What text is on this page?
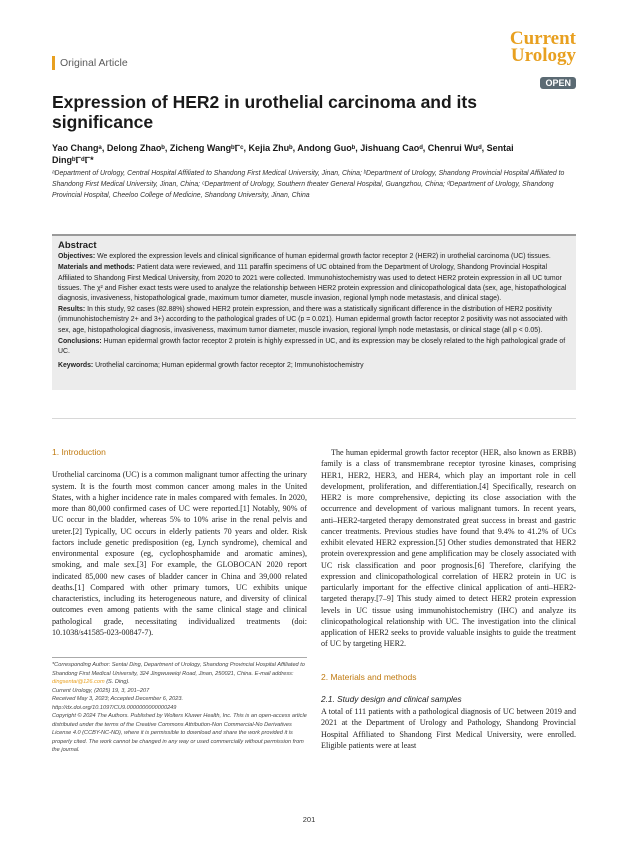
Original Article
Current
Urology
OPEN
Expression of HER2 in urothelial carcinoma and its significance
Yao Changᵃ, Delong Zhaoᵇ, Zicheng WangᵇⲄᶜ, Kejia Zhuᵇ, Andong Guoᵇ, Jishuang Caoᵈ, Chenrui Wuᵈ, Sentai DingᵇⲄᵈⲄ*
ᵃDepartment of Urology, Central Hospital Affiliated to Shandong First Medical University, Jinan, China; ᵇDepartment of Urology, Shandong Provincial Hospital Affiliated to Shandong First Medical University, Jinan, China; ᶜDepartment of Urology, Southern theater General Hospital, Guangzhou, China; ᵈDepartment of Urology, Shandong Provincial Hospital, Cheeloo College of Medicine, Shandong University, Jinan, China
Abstract

Objectives: We explored the expression levels and clinical significance of human epidermal growth factor receptor 2 (HER2) in urothelial carcinoma (UC) tissues.

Materials and methods: Patient data were reviewed, and 111 paraffin specimens of UC obtained from the Department of Urology, Shandong Provincial Hospital Affiliated to Shandong First Medical University, from 2020 to 2021 were collected. Immunohistochemistry was used to detect HER2 protein expression in all UC tumor tissues. The χ² and Fisher exact tests were used to analyze the relationship between HER2 protein expression and clinicopathological data (sex, age, histopathological diagnosis, invasiveness, histopathological grade, maximum tumor diameter, muscle invasion, regional lymph node metastasis, and clinical stage).

Results: In this study, 92 cases (82.88%) showed HER2 protein expression, and there was a statistically significant difference in the distribution of HER2 positivity (immunohistochemistry 2+ and 3+) according to the pathological grades of UC (p = 0.021). Human epidermal growth factor receptor 2 positivity was not associated with sex, age, histopathological diagnosis, invasiveness, maximum tumor diameter, muscle invasion, regional lymph node metastasis, or clinical stage (all p < 0.05).

Conclusions: Human epidermal growth factor receptor 2 protein is highly expressed in UC, and its expression may be closely related to the high pathological grade of UC.

Keywords: Urothelial carcinoma; Human epidermal growth factor receptor 2; Immunohistochemistry

1. Introduction

Urothelial carcinoma (UC) is a common malignant tumor affecting the urinary system. It is the fourth most common cancer among males in the United States, with a higher incidence rate in males compared with females. In 2020, more than 80,000 confirmed cases of UC were reported.[1] Notably, 90% of UC occur in the bladder, whereas 5% to 10% arise in the renal pelvis and ureter.[2] Typically, UC occurs in elderly patients 70 years and older. Risk factors include genetic predisposition (eg, Lynch syndrome), chemical and environmental exposure (eg, cyclophosphamide and aromatic amines), smoking, and male sex.[3] For example, the GLOBOCAN 2020 report indicated 85,000 new cases of bladder cancer in China and 39,000 related deaths.[1] Compared with other primary tumors, UC exhibits unique characteristics, including its heterogeneous nature, and diversity of clinical outcomes even among patients with the same clinical stage and clinical pathological grade, necessitating individualized treatments (doi: 10.1038/s41585-023-00847-7).

*Corresponding Author: Sentai Ding, Department of Urology, Shandong Provincial Hospital Affiliated to Shandong First Medical University, 324 Jingwuweiqi Road, Jinan, 250021, China. E-mail address: dingsentai@126.com (S. Ding).
Current Urology, (2025) 19, 3, 201–207
Received May 3, 2023; Accepted December 6, 2023.
http://dx.doi.org/10.1097/CU9.0000000000000249
Copyright © 2024 The Authors. Published by Wolters Kluwer Health, Inc. This is an open-access article distributed under the terms of the Creative Commons Attribution-Non Commercial-No Derivatives License 4.0 (CCBY-NC-ND), where it is permissible to download and share the work provided it is properly cited. The work cannot be changed in any way or used commercially without permission from the journal.

The human epidermal growth factor receptor (HER, also known as ERBB) family is a class of transmembrane receptor tyrosine kinases, comprising HER1, HER2, HER3, and HER4, which play an important role in cell development, proliferation, and differentiation.[4] Specifically, research on HER2 is more comprehensive, depicting its close association with the occurrence and development of various malignant tumors. In recent years, anti–HER2-targeted therapy demonstrated great success in breast and gastric cancer treatments. Previous studies have found that 9.4% to 41.2% of UCs exhibit elevated HER2 expression.[5] Other studies demonstrated that HER2 protein overexpression and gene amplification may be closely associated with UC risk classification and poor prognosis.[6] Therefore, clarifying the expression and clinicopathological correlation of HER2 protein in UC is particularly important for the effective clinical application of anti–HER2-targeted therapy.[7–9] This study aimed to detect HER2 protein expression levels in UC tissue using immunohistochemistry (IHC) and analyze its clinicopathological relationship with UC. The investigation into the clinical application of HER2 seeks to provide valuable insights to guide the treatment of UC by targeting HER2.

2. Materials and methods
2.1. Study design and clinical samples

A total of 111 patients with a pathological diagnosis of UC between 2019 and 2021 at the Department of Urology and Pathology, Shandong Provincial Hospital Affiliated to Shandong First Medical University, were enrolled. Eligible patients were at least

201
